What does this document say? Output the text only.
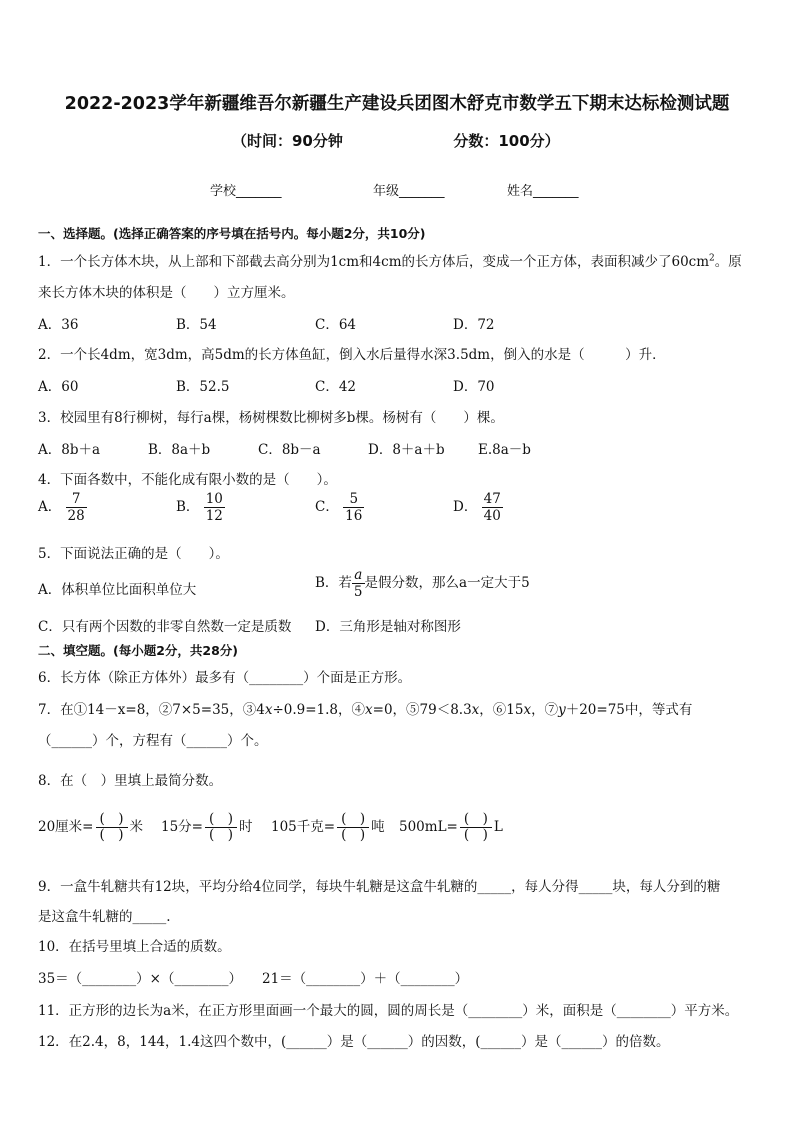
2022-2023学年新疆维吾尔新疆生产建设兵团图木舒克市数学五下期末达标检测试题
（时间：90分钟	分数：100分）
学校_______	年级_______	姓名_______
一、选择题。(选择正确答案的序号填在括号内。每小题2分，共10分)
1．一个长方体木块，从上部和下部截去高分别为1cm和4cm的长方体后，变成一个正方体，表面积减少了$60cm^2$。原
来长方体木块的体积是（　　）立方厘米。
A．36	B．54	C．64	D．72
2．一个长4dm，宽3dm，高5dm的长方体鱼缸，倒入水后量得水深3.5dm，倒入的水是（　　　）升．
A．60	B．52.5	C．42	D．70
3．校园里有8行柳树，每行a棵，杨树棵数比柳树多b棵。杨树有（　　）棵。
A．8b＋a	B．8a＋b	C．8b－a	D．8＋a＋b E.8a－b
4．下面各数中，不能化成有限小数的是（　　）。
A． $\frac{7}{28}$	B． $\frac{10}{12}$	C． $\frac{5}{16}$	D． $\frac{47}{40}$
5．下面说法正确的是（　　）。
A．体积单位比面积单位大	B．若 $\frac{a}{5}$ 是假分数，那么a一定大于5
C．只有两个因数的非零自然数一定是质数 D．三角形是轴对称图形
二、填空题。(每小题2分，共28分)
6．长方体（除正方体外）最多有（________）个面是正方形。
7．在①14－x=8，②7×5=35，③4𝑥÷0.9=1.8，④𝑥=0，⑤79＜8.3𝑥，⑥15𝑥，⑦𝑦＋20=75中，等式有
（______）个，方程有（______）个。
8．在（　）里填上最简分数。
20厘米= $\frac{( )}{( )}$ 米 15分= $\frac{( )}{( )}$ 时 105千克= $\frac{( )}{( )}$ 吨 $500mL= \frac{( )}{( )}$ L
9．一盒牛轧糖共有12块，平均分给4位同学，每块牛轧糖是这盒牛轧糖的_____，每人分得_____块，每人分到的糖
是这盒牛轧糖的_____.
10．在括号里填上合适的质数。
35＝（________）×（________） 21＝（________）＋（________）
11．正方形的边长为a米，在正方形里面画一个最大的圆，圆的周长是（________）米，面积是（________）平方米。
12．在2.4，8，144，1.4这四个数中，(______）是（______）的因数，(______）是（______）的倍数。
